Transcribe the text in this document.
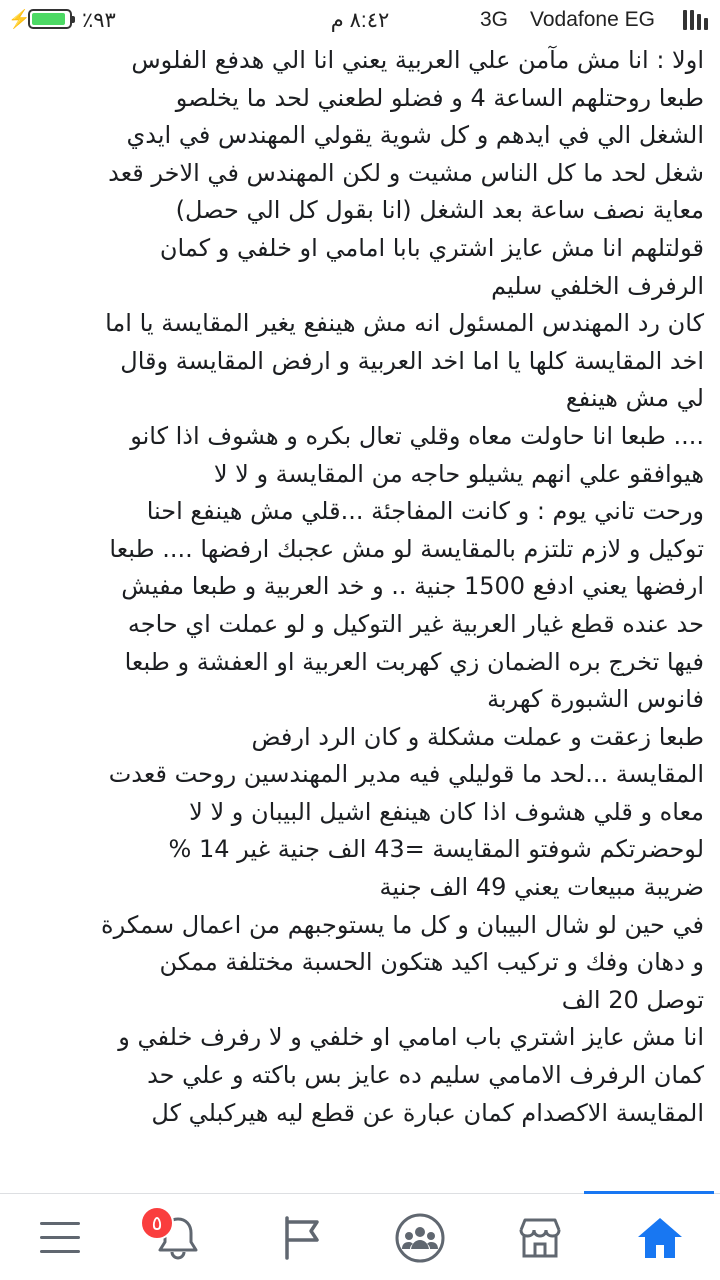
⚡ ٪٩٣	٨:٤٢ م	3G Vodafone EG
اولا : انا مش مآمن علي العربية يعني انا الي هدفع الفلوس
طبعا روحتلهم الساعة 4 و فضلو لطعني لحد ما يخلصو
الشغل الي في ايدهم و كل شوية يقولي المهندس في ايدي
شغل لحد ما كل الناس مشيت و لكن المهندس في الاخر قعد
معاية نصف ساعة بعد الشغل (انا بقول كل الي حصل)
قولتلهم انا مش عايز اشتري بابا امامي او خلفي و كمان
الرفرف الخلفي سليم
كان رد المهندس المسئول انه مش هينفع يغير المقايسة يا اما
اخد المقايسة كلها يا اما اخد العربية و ارفض المقايسة وقال
لي مش هينفع
.... طبعا انا حاولت معاه وقلي تعال بكره و هشوف اذا كانو
هيوافقو علي انهم يشيلو حاجه من المقايسة و لا لا
ورحت تاني يوم : و كانت المفاجئة ...قلي مش هينفع احنا
توكيل و لازم تلتزم بالمقايسة لو مش عجبك ارفضها .... طبعا
ارفضها يعني ادفع 1500 جنية .. و خد العربية و طبعا مفيش
حد عنده قطع غيار العربية غير التوكيل و لو عملت اي حاجه
فيها تخرج بره الضمان زي كهربت العربية او العفشة و طبعا
فانوس الشبورة كهربة
طبعا زعقت و عملت مشكلة و كان الرد ارفض
المقايسة ...لحد ما قوليلي فيه مدير المهندسين روحت قعدت
معاه و قلي هشوف اذا كان هينفع اشيل البيبان و لا لا
لوحضرتكم شوفتو المقايسة =43 الف جنية غير 14 %
ضريبة مبيعات يعني 49 الف جنية
في حين لو شال البيبان و كل ما يستوجبهم من اعمال سمكرة
و دهان وفك و تركيب اكيد هتكون الحسبة مختلفة ممكن
توصل 20 الف
انا مش عايز اشتري باب امامي او خلفي و لا رفرف خلفي و
كمان الرفرف الامامي سليم ده عايز بس باكته و علي حد
المقايسة الاكصدام كمان عبارة عن قطع ليه هيركبلي كل
٥
